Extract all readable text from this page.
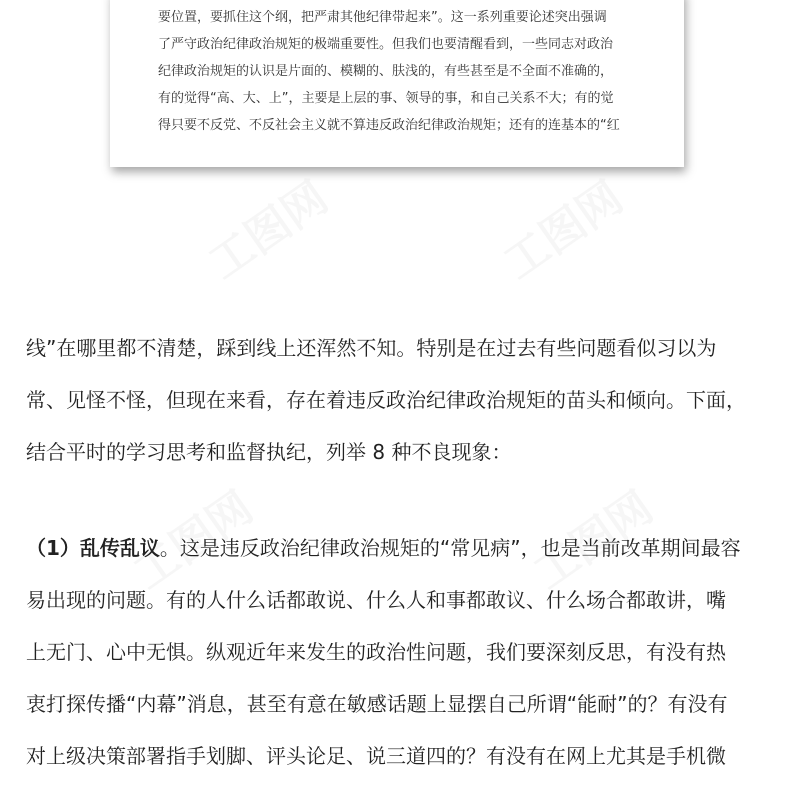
工图网	工图网
工图网	工图网
要位置，要抓住这个纲，把严肃其他纪律带起来”。这一系列重要论述突出强调
了严守政治纪律政治规矩的极端重要性。但我们也要清醒看到，一些同志对政治
纪律政治规矩的认识是片面的、模糊的、肤浅的，有些甚至是不全面不准确的，
有的觉得“高、大、上”，主要是上层的事、领导的事，和自己关系不大；有的觉
得只要不反党、不反社会主义就不算违反政治纪律政治规矩；还有的连基本的“红
线”在哪里都不清楚，踩到线上还浑然不知。特别是在过去有些问题看似习以为
常、见怪不怪，但现在来看，存在着违反政治纪律政治规矩的苗头和倾向。下面，
结合平时的学习思考和监督执纪，列举 8 种不良现象：
（1）乱传乱议。这是违反政治纪律政治规矩的“常见病”，也是当前改革期间最容
易出现的问题。有的人什么话都敢说、什么人和事都敢议、什么场合都敢讲，嘴
上无门、心中无惧。纵观近年来发生的政治性问题，我们要深刻反思，有没有热
衷打探传播“内幕”消息，甚至有意在敏感话题上显摆自己所谓“能耐”的？有没有
对上级决策部署指手划脚、评头论足、说三道四的？有没有在网上尤其是手机微
